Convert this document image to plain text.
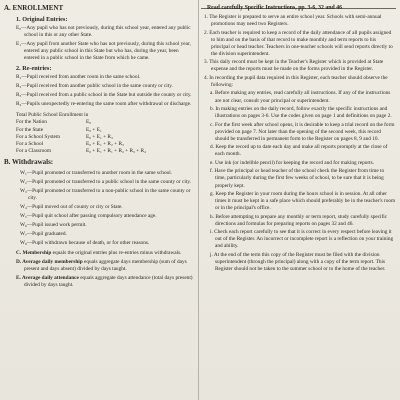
A. ENROLLMENT
1. Original Entries:
E₀—Any pupil who has not previously, during this school year, entered any public school in this or any other State.
E₁—Any pupil from another State who has not previously, during this school year, entered any public school in this State but who has, during the year, been entered in a public school in the State from which he came.
2. Re-entries:
R₁—Pupil received from another room in the same school.
R₂—Pupil received from another public school in the same county or city.
R₃—Pupil received from a public school in the State but outside the county or city.
R₄—Pupils unexpectedly re-entering the same room after withdrawal or discharge.
Total Public School Enrollment in
For the Nation	E₀
For the State	E₀ + E₁
For a School System	E₀ + E₁ + R₃
For a School	E₀ + E₁ + R₂ + R₃
For a Classroom	E₀ + E₁ + R₁ + R₂ + R₃ + R₄
B. Withdrawals:
W₁—Pupil promoted or transferred to another room in the same school.
W₂—Pupil promoted or transferred to a public school in the same county or city.
W₃—Pupil promoted or transferred to a non-public school in the same county or city.
W₄—Pupil moved out of county or city or State.
W₅—Pupil quit school after passing compulsory attendance age.
W₆—Pupil issued work permit.
W₇—Pupil graduated.
W₈—Pupil withdrawn because of death, or for other reasons.
C. Membership equals the original entries plus re-entries minus withdrawals.
D. Average daily membership equals aggregate days membership (sum of days present and days absent) divided by days taught.
E. Average daily attendance equals aggregate days attendance (total days present) divided by days taught.
Read carefully Specific Instructions, pp. 3-6, 32 and 46
1. The Register is prepared to serve an entire school year. Schools with semi-annual promotions may need two Registers.
2. Each teacher is required to keep a record of the daily attendance of all pupils assigned to him and on the basis of that record to make monthly and term reports to his principal or head teacher. Teachers in one-teacher schools will send reports directly to the division superintendent.
3. This daily record must be kept in the Teacher's Register which is provided at State expense and the reports must be made on the forms provided in the Register.
4. In recording the pupil data required in this Register, each teacher should observe the following:
a. Before making any entries, read carefully all instructions. If any of the instructions are not clear, consult your principal or superintendent.
b. In making entries on the daily record, follow exactly the specific instructions and illustrations on pages 3-6. Use the codes given on page 1 and definitions on page 2.
c. For the first week after school opens, it is desirable to keep a trial record on the form provided on page 7. Not later than the opening of the second week, this record should be transferred in permanent form to the Register on pages 8, 9 and 10.
d. Keep the record up to date each day and make all reports promptly at the close of each month.
e. Use ink (or indelible pencil) for keeping the record and for making reports.
f. Have the principal or head teacher of the school check the Register from time to time, particularly during the first few weeks of school, to be sure that it is being properly kept.
g. Keep the Register in your room during the hours school is in session. At all other times it must be kept in a safe place which should preferably be in the teacher's room or in the principal's office.
h. Before attempting to prepare any monthly or term report, study carefully specific directions and formulas for preparing reports on pages 32 and 46.
i. Check each report carefully to see that it is correct in every respect before leaving it out of the Register. An incorrect or incomplete report is a reflection on your training and ability.
j. At the end of the term this copy of the Register must be filed with the division superintendent (through the principal) along with a copy of the term report. This Register should not be taken to the summer school or to the home of the teacher.
